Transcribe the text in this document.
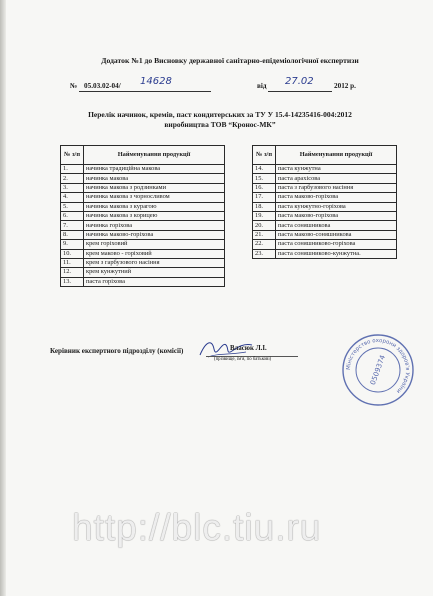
Додаток №1 до Висновку державної санітарно-епідеміологічної експертизи
№ 05.03.02-04/ 14628	від 27.02	2012 р.
Перелік начинок, кремів, паст кондитерських за ТУ У 15.4-14235416-004:2012
виробництва ТОВ “Кронос-МК”
№ з/п	Найменування продукції
1.	начинка традиційна макова
2.	начинка макова
3.	начинка макова з родзинками
4.	начинка макова з чорносливом
5.	начинка макова з курагою
6.	начинка макова з корицею
7.	начинка горіхова
8.	начинка маково-горіхова
9.	крем горіховий
10.	крем маково - горіховий
11.	крем з гарбузового насіння
12.	крем кунжутний
13.	паста горіхова
№ з/п	Найменування продукції
14.	паста кунжутна
15.	паста арахісова
16.	паста з гарбузового насіння
17.	паста маково-горіхова
18.	паста кунжутно-горіхова
19.	паста маково-горіхова
20.	паста соняшникова
21.	паста маково-соняшникова
22.	паста соняшниково-горіхова
23.	паста соняшниково-кунжутна.
Керівник експертного підрозділу (комісії)	Власюк Л.І.
(прізвище, ім'я, по батькові)
Міністерство охорони здоров'я України
0509374
http://blc.tiu.ru
